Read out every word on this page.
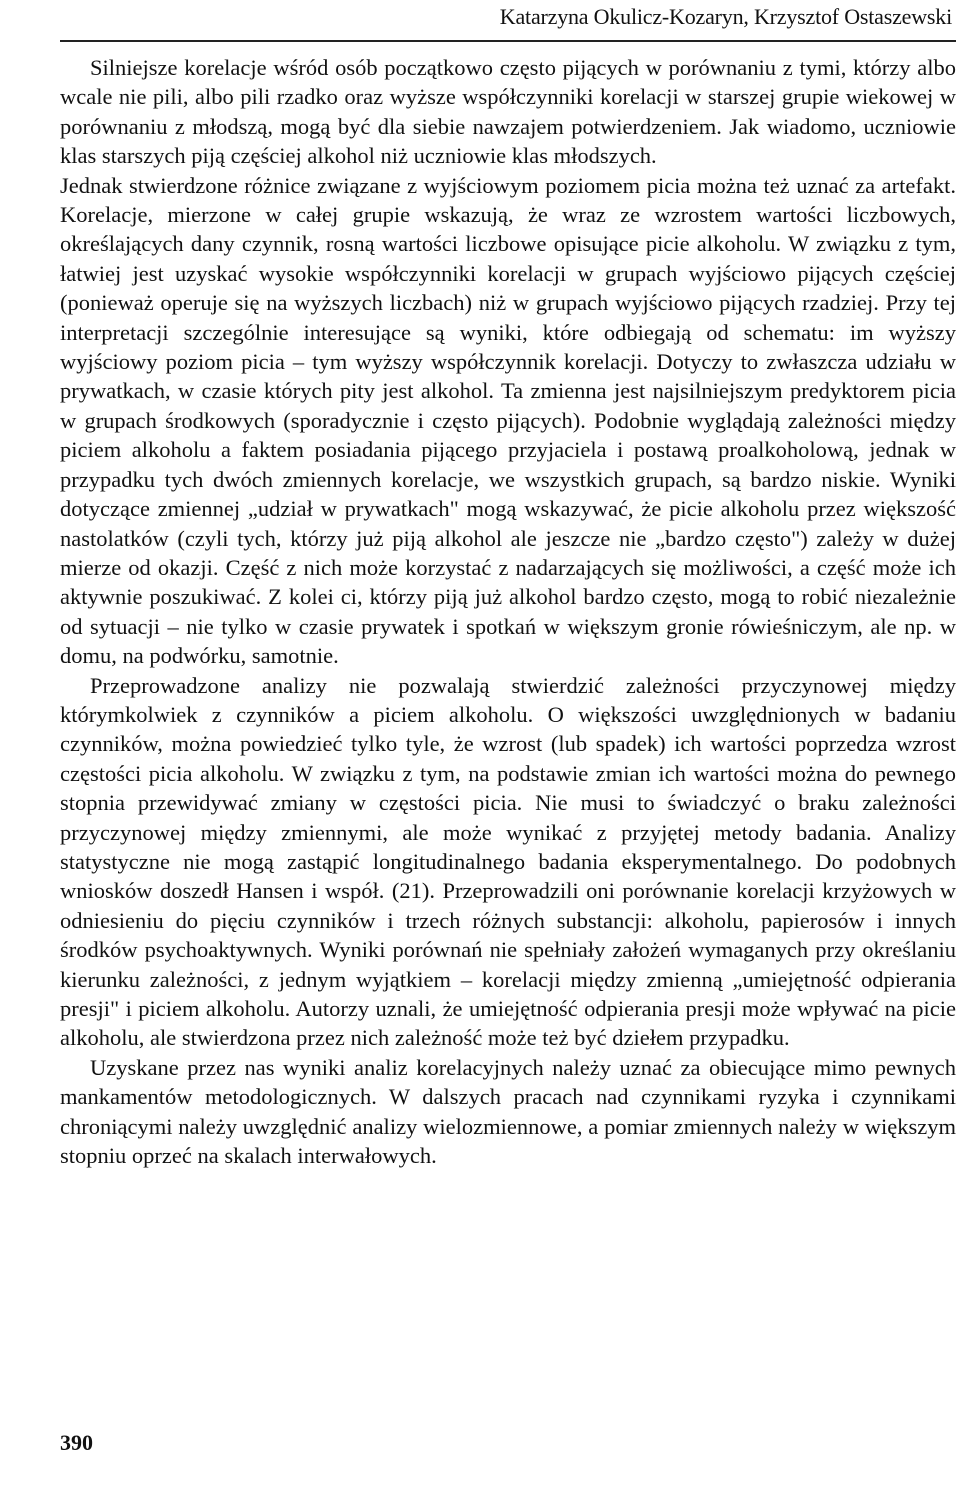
Katarzyna Okulicz-Kozaryn, Krzysztof Ostaszewski

Silniejsze korelacje wśród osób początkowo często pijących w porównaniu z tymi, którzy albo wcale nie pili, albo pili rzadko oraz wyższe współczynniki korelacji w starszej grupie wiekowej w porównaniu z młodszą, mogą być dla siebie nawzajem potwierdzeniem. Jak wiadomo, uczniowie klas starszych piją częściej alkohol niż uczniowie klas młodszych.

Jednak stwierdzone różnice związane z wyjściowym poziomem picia można też uznać za artefakt. Korelacje, mierzone w całej grupie wskazują, że wraz ze wzrostem wartości liczbowych, określających dany czynnik, rosną wartości liczbowe opisujące picie alkoholu. W związku z tym, łatwiej jest uzyskać wysokie współczynniki korelacji w grupach wyjściowo pijących częściej (ponieważ operuje się na wyższych liczbach) niż w grupach wyjściowo pijących rzadziej. Przy tej interpretacji szczególnie interesujące są wyniki, które odbiegają od schematu: im wyższy wyjściowy poziom picia – tym wyższy współczynnik korelacji. Dotyczy to zwłaszcza udziału w prywatkach, w czasie których pity jest alkohol. Ta zmienna jest najsilniejszym predyktorem picia w grupach środkowych (sporadycznie i często pijących). Podobnie wyglądają zależności między piciem alkoholu a faktem posiadania pijącego przyjaciela i postawą proalkoholową, jednak w przypadku tych dwóch zmiennych korelacje, we wszystkich grupach, są bardzo niskie. Wyniki dotyczące zmiennej „udział w prywatkach" mogą wskazywać, że picie alkoholu przez większość nastolatków (czyli tych, którzy już piją alkohol ale jeszcze nie „bardzo często") zależy w dużej mierze od okazji. Część z nich może korzystać z nadarzających się możliwości, a część może ich aktywnie poszukiwać. Z kolei ci, którzy piją już alkohol bardzo często, mogą to robić niezależnie od sytuacji – nie tylko w czasie prywatek i spotkań w większym gronie rówieśniczym, ale np. w domu, na podwórku, samotnie.

Przeprowadzone analizy nie pozwalają stwierdzić zależności przyczynowej między którymkolwiek z czynników a piciem alkoholu. O większości uwzględnionych w badaniu czynników, można powiedzieć tylko tyle, że wzrost (lub spadek) ich wartości poprzedza wzrost częstości picia alkoholu. W związku z tym, na podstawie zmian ich wartości można do pewnego stopnia przewidywać zmiany w częstości picia. Nie musi to świadczyć o braku zależności przyczynowej między zmiennymi, ale może wynikać z przyjętej metody badania. Analizy statystyczne nie mogą zastąpić longitudinalnego badania eksperymentalnego. Do podobnych wniosków doszedł Hansen i współ. (21). Przeprowadzili oni porównanie korelacji krzyżowych w odniesieniu do pięciu czynników i trzech różnych substancji: alkoholu, papierosów i innych środków psychoaktywnych. Wyniki porównań nie spełniały założeń wymaganych przy określaniu kierunku zależności, z jednym wyjątkiem – korelacji między zmienną „umiejętność odpierania presji" i piciem alkoholu. Autorzy uznali, że umiejętność odpierania presji może wpływać na picie alkoholu, ale stwierdzona przez nich zależność może też być dziełem przypadku.

Uzyskane przez nas wyniki analiz korelacyjnych należy uznać za obiecujące mimo pewnych mankamentów metodologicznych. W dalszych pracach nad czynnikami ryzyka i czynnikami chroniącymi należy uwzględnić analizy wielozmiennowe, a pomiar zmiennych należy w większym stopniu oprzeć na skalach interwałowych.

390
